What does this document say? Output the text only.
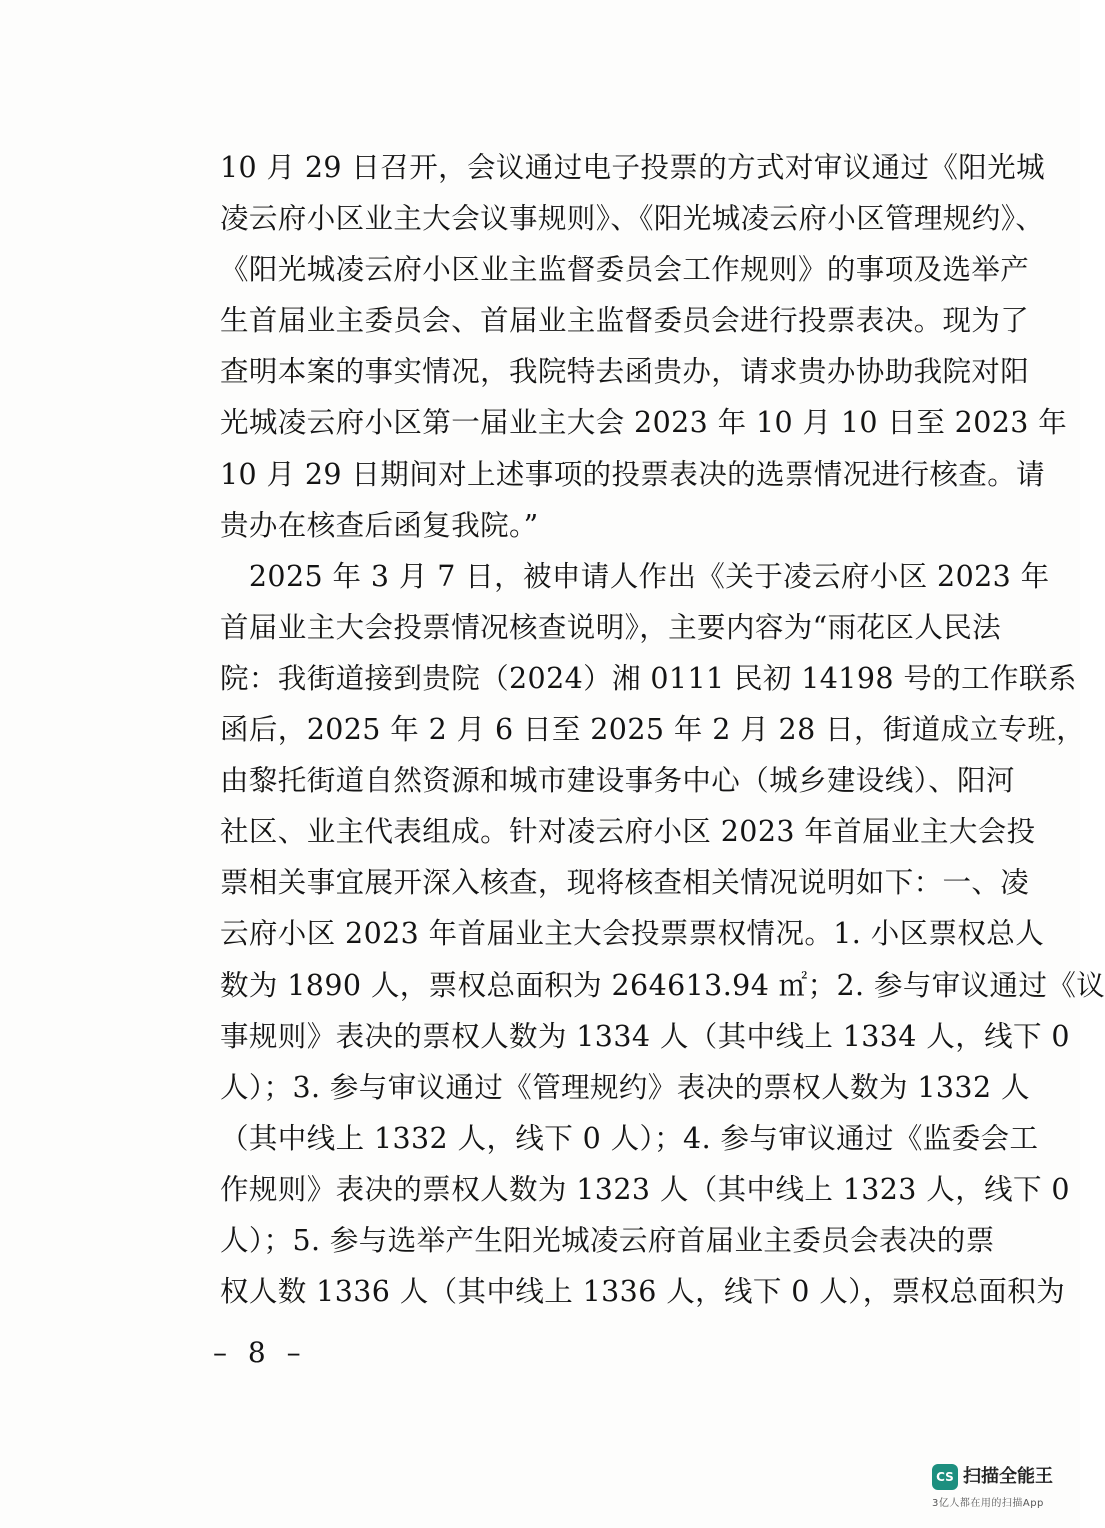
10 月 29 日召开，会议通过电子投票的方式对审议通过《阳光城
凌云府小区业主大会议事规则》、《阳光城凌云府小区管理规约》、
《阳光城凌云府小区业主监督委员会工作规则》的事项及选举产
生首届业主委员会、首届业主监督委员会进行投票表决。现为了
查明本案的事实情况，我院特去函贵办，请求贵办协助我院对阳
光城凌云府小区第一届业主大会 2023 年 10 月 10 日至 2023 年
10 月 29 日期间对上述事项的投票表决的选票情况进行核查。请
贵办在核查后函复我院。”
　2025 年 3 月 7 日，被申请人作出《关于凌云府小区 2023 年
首届业主大会投票情况核查说明》，主要内容为“雨花区人民法
院：我街道接到贵院（2024）湘 0111 民初 14198 号的工作联系
函后，2025 年 2 月 6 日至 2025 年 2 月 28 日，街道成立专班，
由黎托街道自然资源和城市建设事务中心（城乡建设线）、阳河
社区、业主代表组成。针对凌云府小区 2023 年首届业主大会投
票相关事宜展开深入核查，现将核查相关情况说明如下：一、凌
云府小区 2023 年首届业主大会投票票权情况。1. 小区票权总人
数为 1890 人，票权总面积为 264613.94 ㎡；2. 参与审议通过《议
事规则》表决的票权人数为 1334 人（其中线上 1334 人，线下 0
人）；3. 参与审议通过《管理规约》表决的票权人数为 1332 人
（其中线上 1332 人，线下 0 人）；4. 参与审议通过《监委会工
作规则》表决的票权人数为 1323 人（其中线上 1323 人，线下 0
人）；5. 参与选举产生阳光城凌云府首届业主委员会表决的票
权人数 1336 人（其中线上 1336 人，线下 0 人），票权总面积为
– 8 –
CS 扫描全能王
3亿人都在用的扫描App
